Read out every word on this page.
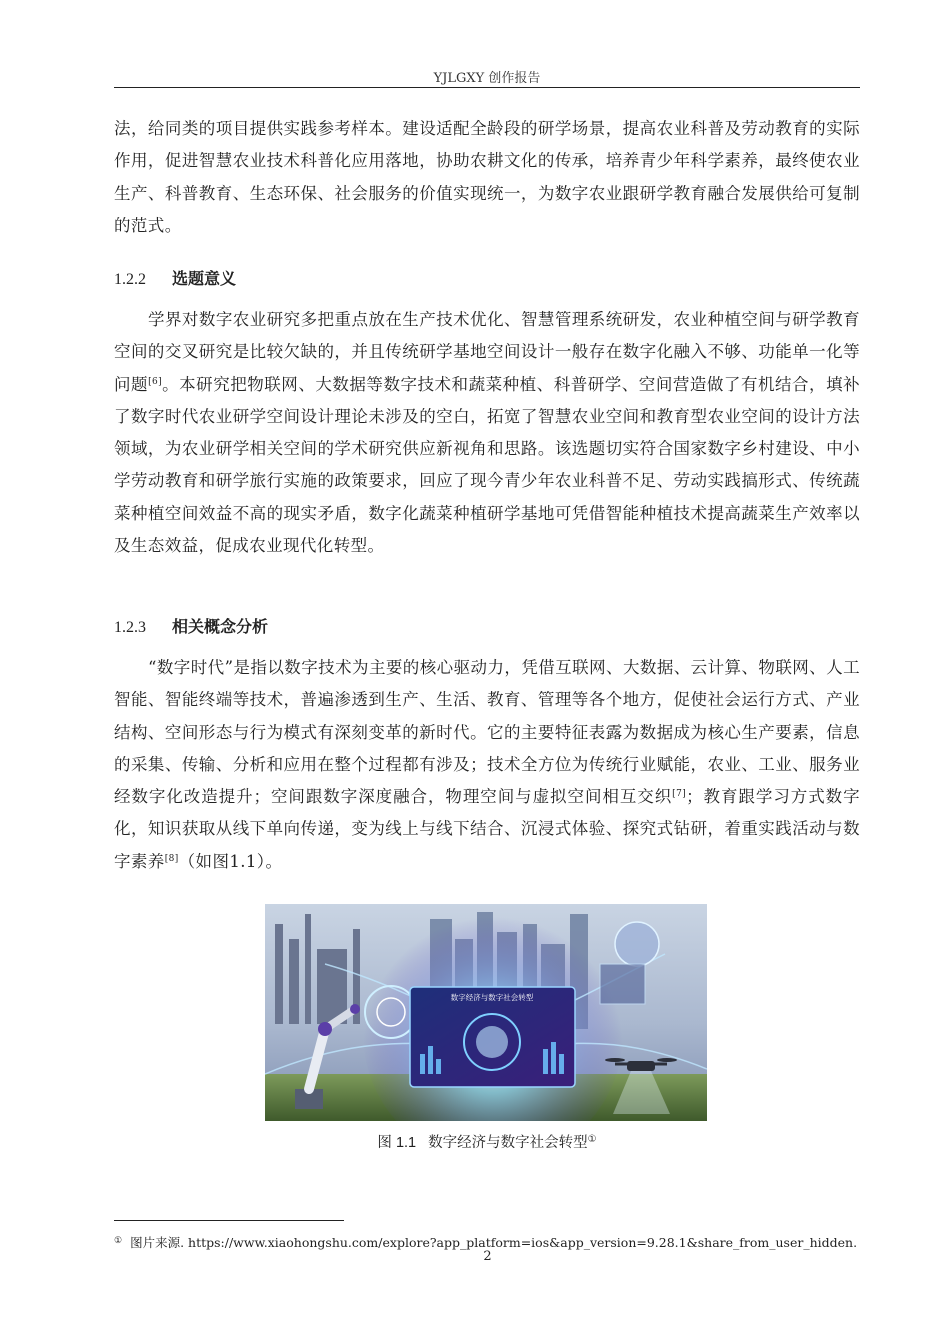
YJLGXY 创作报告

法，给同类的项目提供实践参考样本。建设适配全龄段的研学场景，提高农业科普及劳动教育的实际作用，促进智慧农业技术科普化应用落地，协助农耕文化的传承，培养青少年科学素养，最终使农业生产、科普教育、生态环保、社会服务的价值实现统一，为数字农业跟研学教育融合发展供给可复制的范式。

1.2.2 选题意义

学界对数字农业研究多把重点放在生产技术优化、智慧管理系统研发，农业种植空间与研学教育空间的交叉研究是比较欠缺的，并且传统研学基地空间设计一般存在数字化融入不够、功能单一化等问题[6]。本研究把物联网、大数据等数字技术和蔬菜种植、科普研学、空间营造做了有机结合，填补了数字时代农业研学空间设计理论未涉及的空白，拓宽了智慧农业空间和教育型农业空间的设计方法领域，为农业研学相关空间的学术研究供应新视角和思路。该选题切实符合国家数字乡村建设、中小学劳动教育和研学旅行实施的政策要求，回应了现今青少年农业科普不足、劳动实践搞形式、传统蔬菜种植空间效益不高的现实矛盾，数字化蔬菜种植研学基地可凭借智能种植技术提高蔬菜生产效率以及生态效益，促成农业现代化转型。

1.2.3 相关概念分析

“数字时代”是指以数字技术为主要的核心驱动力，凭借互联网、大数据、云计算、物联网、人工智能、智能终端等技术，普遍渗透到生产、生活、教育、管理等各个地方，促使社会运行方式、产业结构、空间形态与行为模式有深刻变革的新时代。它的主要特征表露为数据成为核心生产要素，信息的采集、传输、分析和应用在整个过程都有涉及；技术全方位为传统行业赋能，农业、工业、服务业经数字化改造提升；空间跟数字深度融合，物理空间与虚拟空间相互交织[7]；教育跟学习方式数字化，知识获取从线下单向传递，变为线上与线下结合、沉浸式体验、探究式钻研，着重实践活动与数字素养[8]（如图1.1）。

数字经济与数字社会转型
图 1.1 数字经济与数字社会转型①
① 图片来源. https://www.xiaohongshu.com/explore?app_platform=ios&app_version=9.28.1&share_from_user_hidden.
2
